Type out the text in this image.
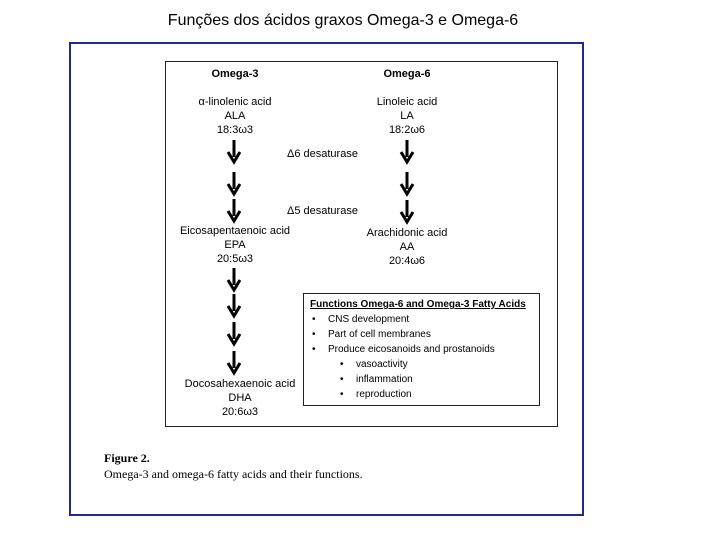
Funções dos ácidos graxos Omega-3 e Omega-6
Omega-3
α-linolenic acid
ALA
18:3ω3
Eicosapentaenoic acid
EPA
20:5ω3
Docosahexaenoic acid
DHA
20:6ω3
Omega-6
Linoleic acid
LA
18:2ω6
Arachidonic acid
AA
20:4ω6
Δ6 desaturase
Δ5 desaturase
Functions Omega-6 and Omega-3 Fatty Acids
• CNS development
• Part of cell membranes
• Produce eicosanoids and prostanoids
• vasoactivity
• inflammation
• reproduction
Figure 2.
Omega-3 and omega-6 fatty acids and their functions.
